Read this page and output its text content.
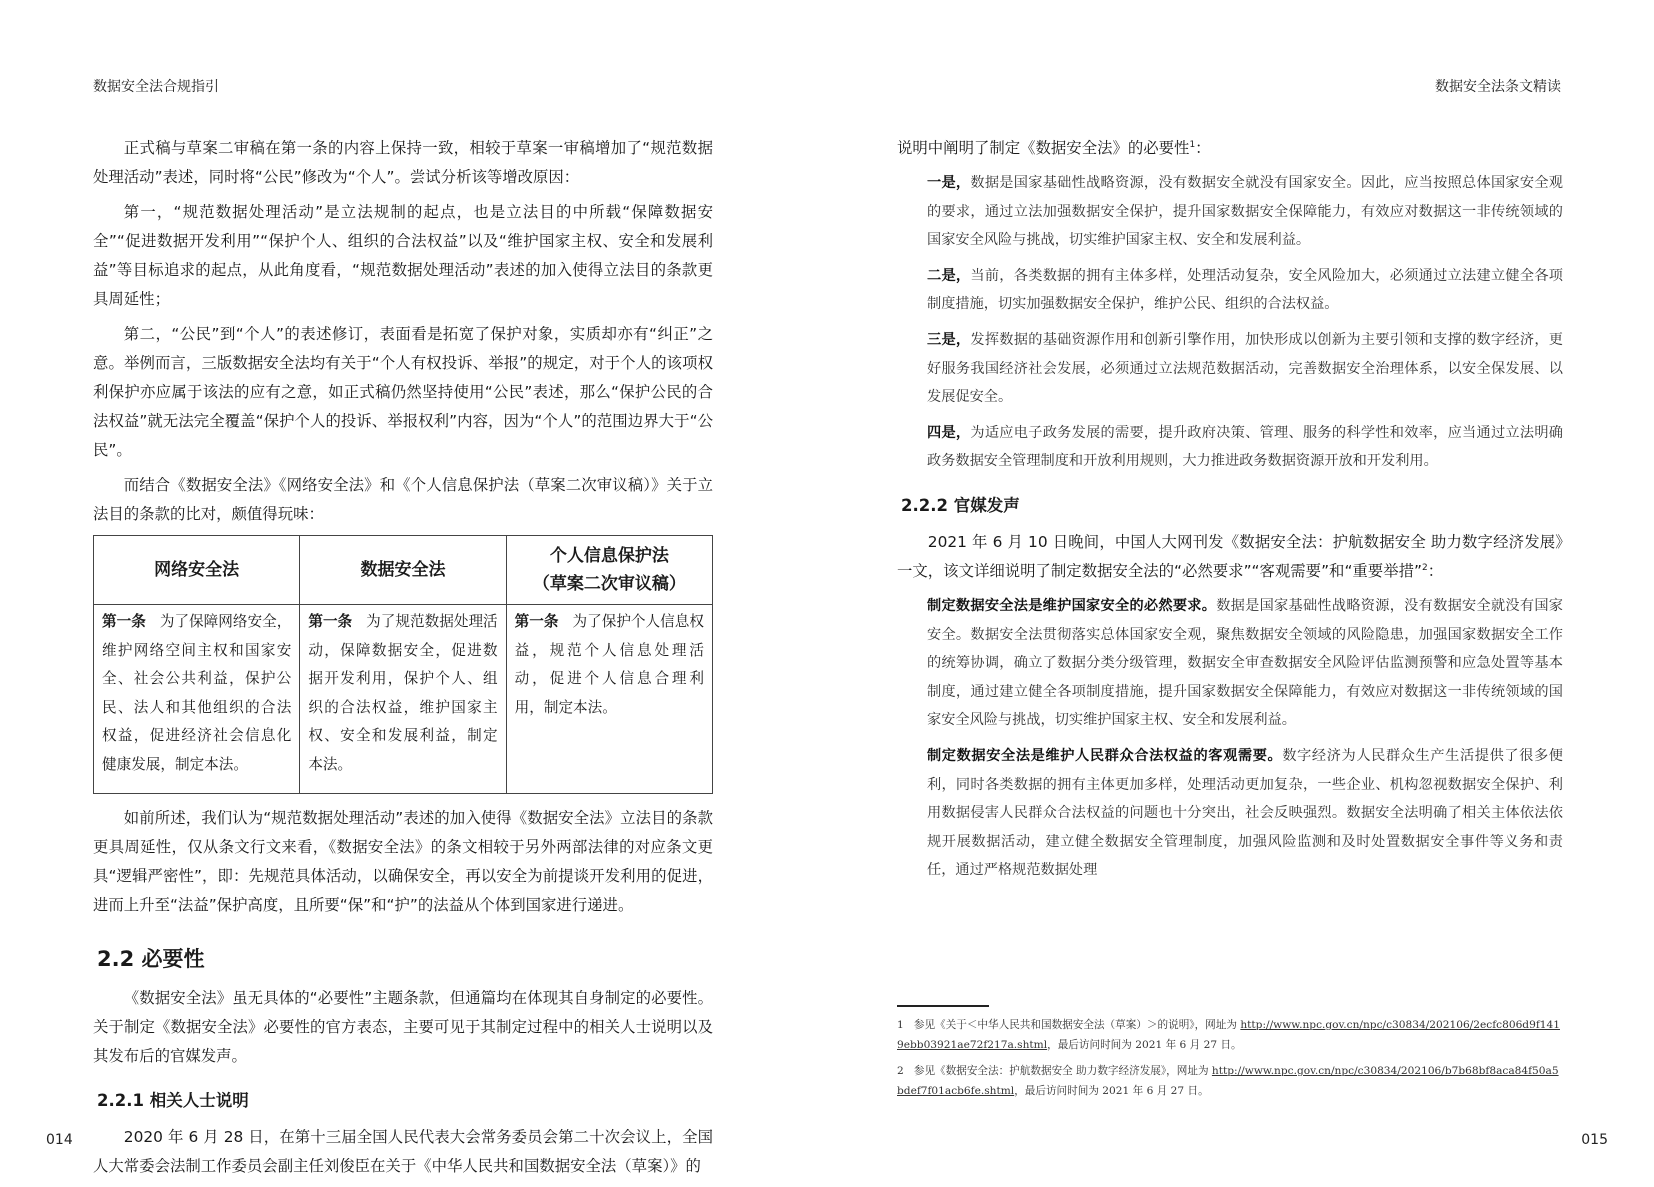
数据安全法合规指引

正式稿与草案二审稿在第一条的内容上保持一致，相较于草案一审稿增加了“规范数据处理活动”表述，同时将“公民”修改为“个人”。尝试分析该等增改原因：

第一，“规范数据处理活动”是立法规制的起点，也是立法目的中所载“保障数据安全”“促进数据开发利用”“保护个人、组织的合法权益”以及“维护国家主权、安全和发展利益”等目标追求的起点，从此角度看，“规范数据处理活动”表述的加入使得立法目的条款更具周延性；

第二，“公民”到“个人”的表述修订，表面看是拓宽了保护对象，实质却亦有“纠正”之意。举例而言，三版数据安全法均有关于“个人有权投诉、举报”的规定，对于个人的该项权利保护亦应属于该法的应有之意，如正式稿仍然坚持使用“公民”表述，那么“保护公民的合法权益”就无法完全覆盖“保护个人的投诉、举报权利”内容，因为“个人”的范围边界大于“公民”。

而结合《数据安全法》《网络安全法》和《个人信息保护法（草案二次审议稿）》关于立法目的条款的比对，颇值得玩味：

网络安全法	数据安全法	个人信息保护法
（草案二次审议稿）
第一条 为了保障网络安全，维护网络空间主权和国家安全、社会公共利益，保护公民、法人和其他组织的合法权益，促进经济社会信息化健康发展，制定本法。	第一条 为了规范数据处理活动，保障数据安全，促进数据开发利用，保护个人、组织的合法权益，维护国家主权、安全和发展利益，制定本法。	第一条 为了保护个人信息权益，规范个人信息处理活动，促进个人信息合理利用，制定本法。

如前所述，我们认为“规范数据处理活动”表述的加入使得《数据安全法》立法目的条款更具周延性，仅从条文行文来看，《数据安全法》的条文相较于另外两部法律的对应条文更具“逻辑严密性”，即：先规范具体活动，以确保安全，再以安全为前提谈开发利用的促进，进而上升至“法益”保护高度，且所要“保”和“护”的法益从个体到国家进行递进。

2.2 必要性

《数据安全法》虽无具体的“必要性”主题条款，但通篇均在体现其自身制定的必要性。关于制定《数据安全法》必要性的官方表态，主要可见于其制定过程中的相关人士说明以及其发布后的官媒发声。

2.2.1 相关人士说明

2020 年 6 月 28 日，在第十三届全国人民代表大会常务委员会第二十次会议上，全国人大常委会法制工作委员会副主任刘俊臣在关于《中华人民共和国数据安全法（草案）》的

014
数据安全法条文精读

说明中阐明了制定《数据安全法》的必要性$^1$：

一是，数据是国家基础性战略资源，没有数据安全就没有国家安全。因此，应当按照总体国家安全观的要求，通过立法加强数据安全保护，提升国家数据安全保障能力，有效应对数据这一非传统领域的国家安全风险与挑战，切实维护国家主权、安全和发展利益。

二是，当前，各类数据的拥有主体多样，处理活动复杂，安全风险加大，必须通过立法建立健全各项制度措施，切实加强数据安全保护，维护公民、组织的合法权益。

三是，发挥数据的基础资源作用和创新引擎作用，加快形成以创新为主要引领和支撑的数字经济，更好服务我国经济社会发展，必须通过立法规范数据活动，完善数据安全治理体系，以安全保发展、以发展促安全。

四是，为适应电子政务发展的需要，提升政府决策、管理、服务的科学性和效率，应当通过立法明确政务数据安全管理制度和开放利用规则，大力推进政务数据资源开放和开发利用。

2.2.2 官媒发声

2021 年 6 月 10 日晚间，中国人大网刊发《数据安全法：护航数据安全 助力数字经济发展》一文，该文详细说明了制定数据安全法的“必然要求”“客观需要”和“重要举措”$^2$：

制定数据安全法是维护国家安全的必然要求。数据是国家基础性战略资源，没有数据安全就没有国家安全。数据安全法贯彻落实总体国家安全观，聚焦数据安全领域的风险隐患，加强国家数据安全工作的统筹协调，确立了数据分类分级管理，数据安全审查数据安全风险评估监测预警和应急处置等基本制度，通过建立健全各项制度措施，提升国家数据安全保障能力，有效应对数据这一非传统领域的国家安全风险与挑战，切实维护国家主权、安全和发展利益。

制定数据安全法是维护人民群众合法权益的客观需要。数字经济为人民群众生产生活提供了很多便利，同时各类数据的拥有主体更加多样，处理活动更加复杂，一些企业、机构忽视数据安全保护、利用数据侵害人民群众合法权益的问题也十分突出，社会反映强烈。数据安全法明确了相关主体依法依规开展数据活动，建立健全数据安全管理制度，加强风险监测和及时处置数据安全事件等义务和责任，通过严格规范数据处理

1 参见《关于＜中华人民共和国数据安全法（草案）＞的说明》，网址为 http://www.npc.gov.cn/npc/c30834/202106/2ecfc806d9f1419ebb03921ae72f217a.shtml，最后访问时间为 2021 年 6 月 27 日。
2 参见《数据安全法：护航数据安全 助力数字经济发展》，网址为 http://www.npc.gov.cn/npc/c30834/202106/b7b68bf8aca84f50a5bdef7f01acb6fe.shtml，最后访问时间为 2021 年 6 月 27 日。
015
